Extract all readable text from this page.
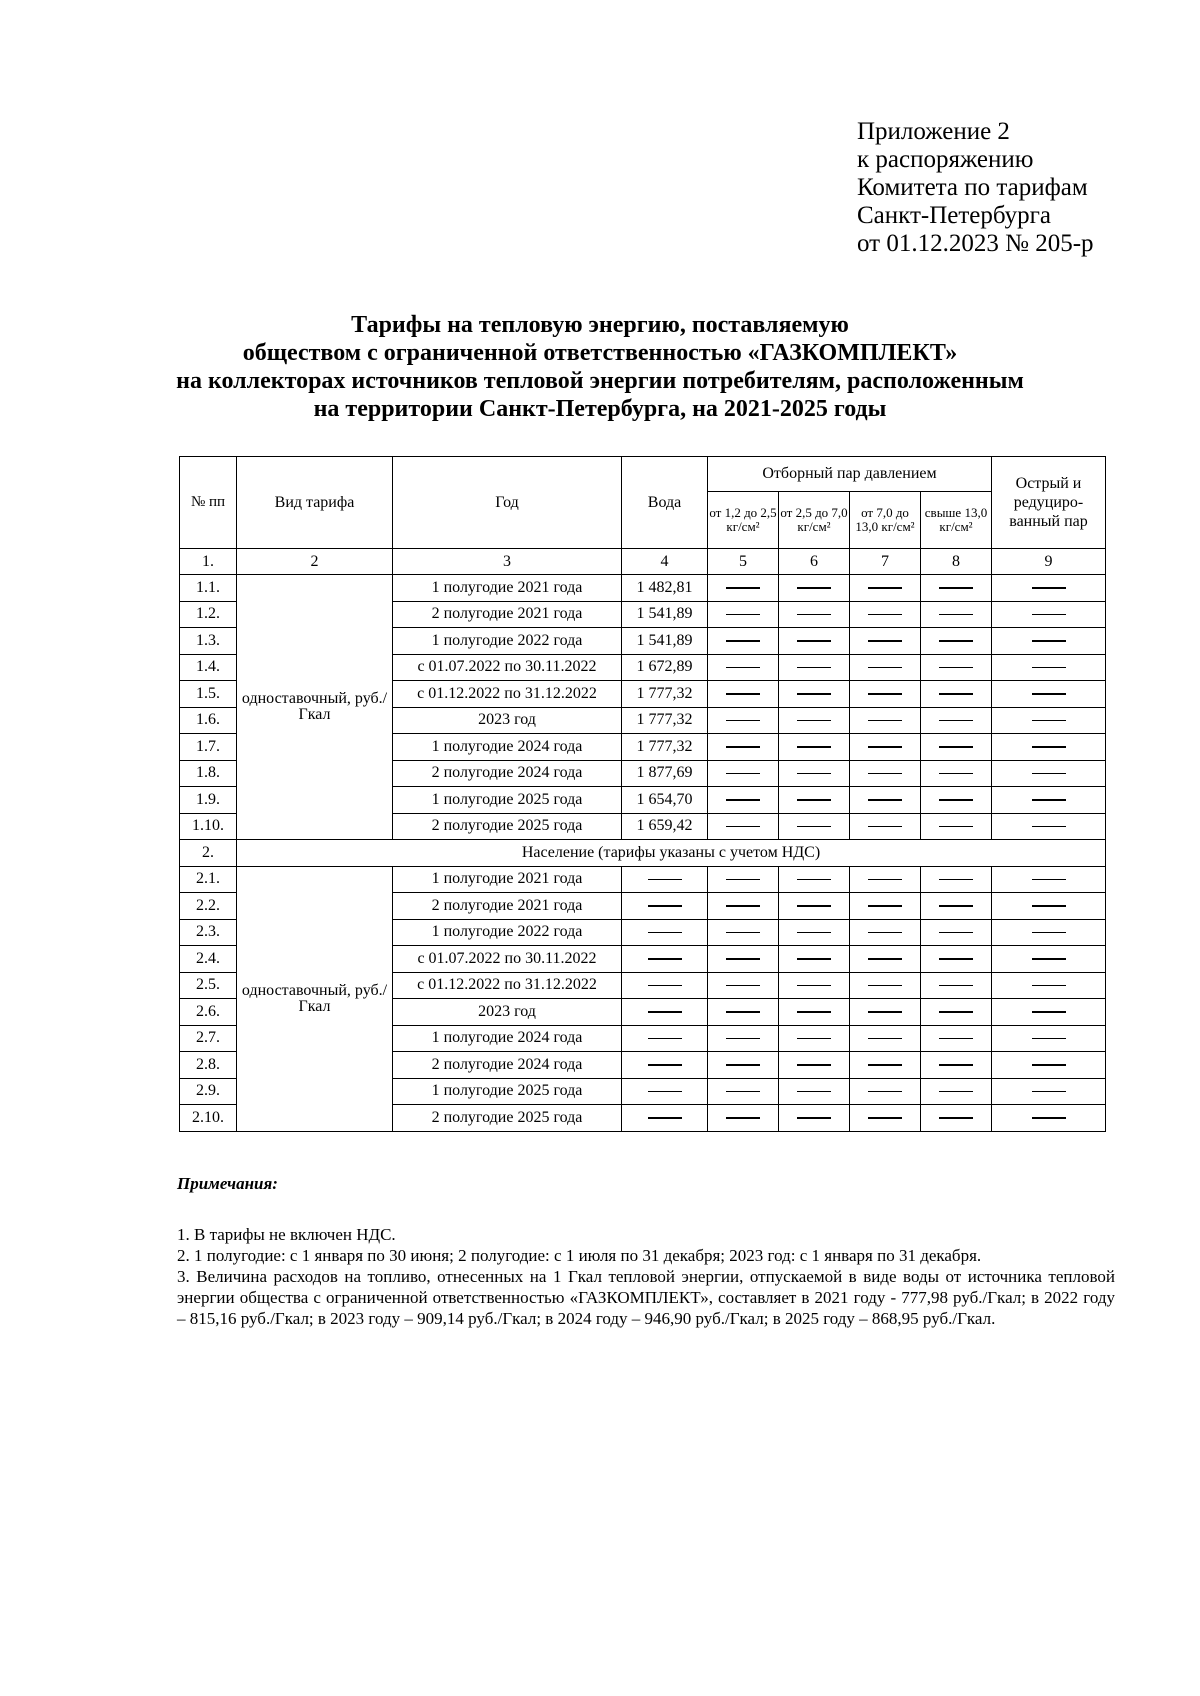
Приложение 2
к распоряжению
Комитета по тарифам
Санкт-Петербурга
от 01.12.2023 № 205-р
Тарифы на тепловую энергию, поставляемую
обществом с ограниченной ответственностью «ГАЗКОМПЛЕКТ»
на коллекторах источников тепловой энергии потребителям, расположенным
на территории Санкт-Петербурга, на 2021-2025 годы
№ пп	Вид тарифа	Год	Вода	Отборный пар давлением				Острый и редуциро-ванный пар
				от 1,2 до 2,5 кг/см²	от 2,5 до 7,0 кг/см²	от 7,0 до 13,0 кг/см²	свыше 13,0 кг/см²	
1.	2	3	4	5	6	7	8	9
1.1.	одноставочный, руб./Гкал	1 полугодие 2021 года	1 482,81					
1.2.		2 полугодие 2021 года	1 541,89					
1.3.		1 полугодие 2022 года	1 541,89					
1.4.		с 01.07.2022 по 30.11.2022	1 672,89					
1.5.		с 01.12.2022 по 31.12.2022	1 777,32					
1.6.		2023 год	1 777,32					
1.7.		1 полугодие 2024 года	1 777,32					
1.8.		2 полугодие 2024 года	1 877,69					
1.9.		1 полугодие 2025 года	1 654,70					
1.10.		2 полугодие 2025 года	1 659,42					
2.	Население (тарифы указаны с учетом НДС)							
2.1.	одноставочный, руб./Гкал	1 полугодие 2021 года						
2.2.		2 полугодие 2021 года						
2.3.		1 полугодие 2022 года						
2.4.		с 01.07.2022 по 30.11.2022						
2.5.		с 01.12.2022 по 31.12.2022						
2.6.		2023 год						
2.7.		1 полугодие 2024 года						
2.8.		2 полугодие 2024 года						
2.9.		1 полугодие 2025 года						
2.10.		2 полугодие 2025 года						
Примечания:

1. В тарифы не включен НДС.

2. 1 полугодие: с 1 января по 30 июня; 2 полугодие: с 1 июля по 31 декабря; 2023 год: с 1 января по 31 декабря.

3. Величина расходов на топливо, отнесенных на 1 Гкал тепловой энергии, отпускаемой в виде воды от источника тепловой энергии общества с ограниченной ответственностью «ГАЗКОМПЛЕКТ», составляет в 2021 году - 777,98 руб./Гкал; в 2022 году – 815,16 руб./Гкал; в 2023 году – 909,14 руб./Гкал; в 2024 году – 946,90 руб./Гкал; в 2025 году – 868,95 руб./Гкал.
